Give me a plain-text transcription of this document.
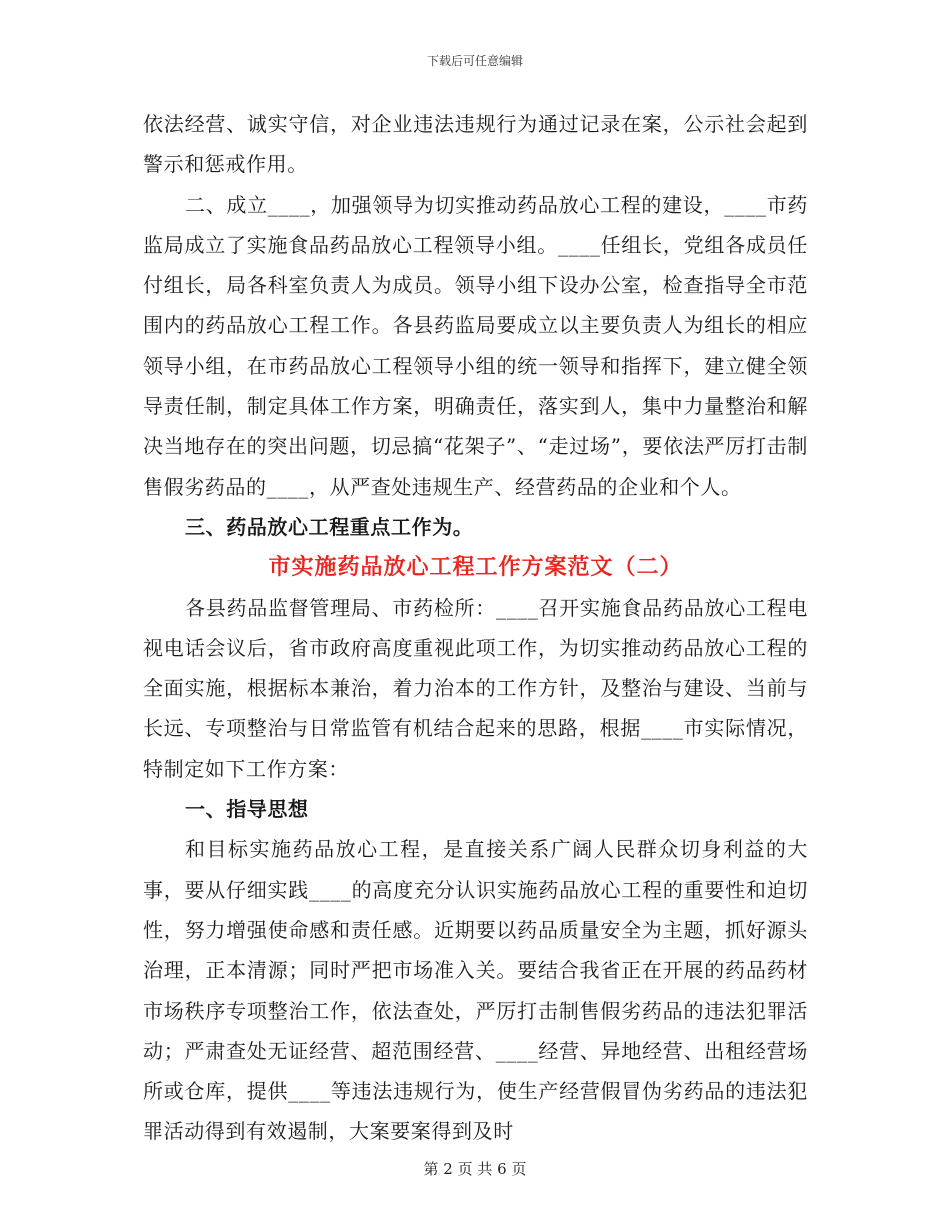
下载后可任意编辑

依法经营、诚实守信，对企业违法违规行为通过记录在案，公示社会起到警示和惩戒作用。

二、成立____，加强领导为切实推动药品放心工程的建设，____市药监局成立了实施食品药品放心工程领导小组。____任组长，党组各成员任付组长，局各科室负责人为成员。领导小组下设办公室，检查指导全市范围内的药品放心工程工作。各县药监局要成立以主要负责人为组长的相应领导小组，在市药品放心工程领导小组的统一领导和指挥下，建立健全领导责任制，制定具体工作方案，明确责任，落实到人，集中力量整治和解决当地存在的突出问题，切忌搞“花架子”、“走过场”，要依法严厉打击制售假劣药品的____，从严查处违规生产、经营药品的企业和个人。

三、药品放心工程重点工作为。

市实施药品放心工程工作方案范文（二）

各县药品监督管理局、市药检所：____召开实施食品药品放心工程电视电话会议后，省市政府高度重视此项工作，为切实推动药品放心工程的全面实施，根据标本兼治，着力治本的工作方针，及整治与建设、当前与长远、专项整治与日常监管有机结合起来的思路，根据____市实际情况，特制定如下工作方案：

一、指导思想

和目标实施药品放心工程，是直接关系广阔人民群众切身利益的大事，要从仔细实践____的高度充分认识实施药品放心工程的重要性和迫切性，努力增强使命感和责任感。近期要以药品质量安全为主题，抓好源头治理，正本清源；同时严把市场准入关。要结合我省正在开展的药品药材市场秩序专项整治工作，依法查处，严厉打击制售假劣药品的违法犯罪活动；严肃查处无证经营、超范围经营、____经营、异地经营、出租经营场所或仓库，提供____等违法违规行为，使生产经营假冒伪劣药品的违法犯罪活动得到有效遏制，大案要案得到及时

第 2 页 共 6 页
